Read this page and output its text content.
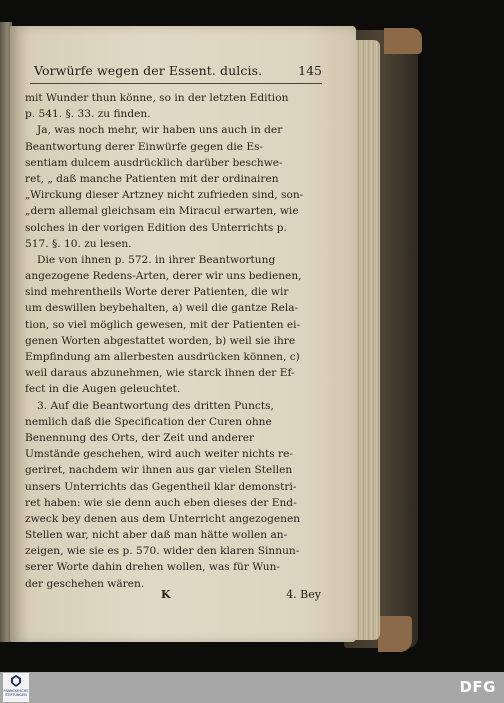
Vorwürfe wegen der Essent. dulcis.	145
mit Wunder thun könne, so in der letzten Edition
p. 541. §. 33. zu finden.
Ja, was noch mehr, wir haben uns auch in der
Beantwortung derer Einwürfe gegen die Es-
sentiam dulcem ausdrücklich darüber beschwe-
ret, „ daß manche Patienten mit der ordinairen
„Wirckung dieser Artzney nicht zufrieden sind, son-
„dern allemal gleichsam ein Miracul erwarten, wie
solches in der vorigen Edition des Unterrichts p.
517. §. 10. zu lesen.
Die von ihnen p. 572. in ihrer Beantwortung
angezogene Redens-Arten, derer wir uns bedienen,
sind mehrentheils Worte derer Patienten, die wir
um deswillen beybehalten, a) weil die gantze Rela-
tion, so viel möglich gewesen, mit der Patienten ei-
genen Worten abgestattet worden, b) weil sie ihre
Empfindung am allerbesten ausdrücken können, c)
weil daraus abzunehmen, wie starck ihnen der Ef-
fect in die Augen geleuchtet.
3. Auf die Beantwortung des dritten Puncts,
nemlich daß die Specification der Curen ohne
Benennung des Orts, der Zeit und anderer
Umstände geschehen, wird auch weiter nichts re-
geriret, nachdem wir ihnen aus gar vielen Stellen
unsers Unterrichts das Gegentheil klar demonstri-
ret haben: wie sie denn auch eben dieses der End-
zweck bey denen aus dem Unterricht angezogenen
Stellen war, nicht aber daß man hätte wollen an-
zeigen, wie sie es p. 570. wider den klaren Sinnun-
serer Worte dahin drehen wollen, was für Wun-
der geschehen wären.
K	4. Bey
FRANCKESCHE STIFTUNGEN	DFG
